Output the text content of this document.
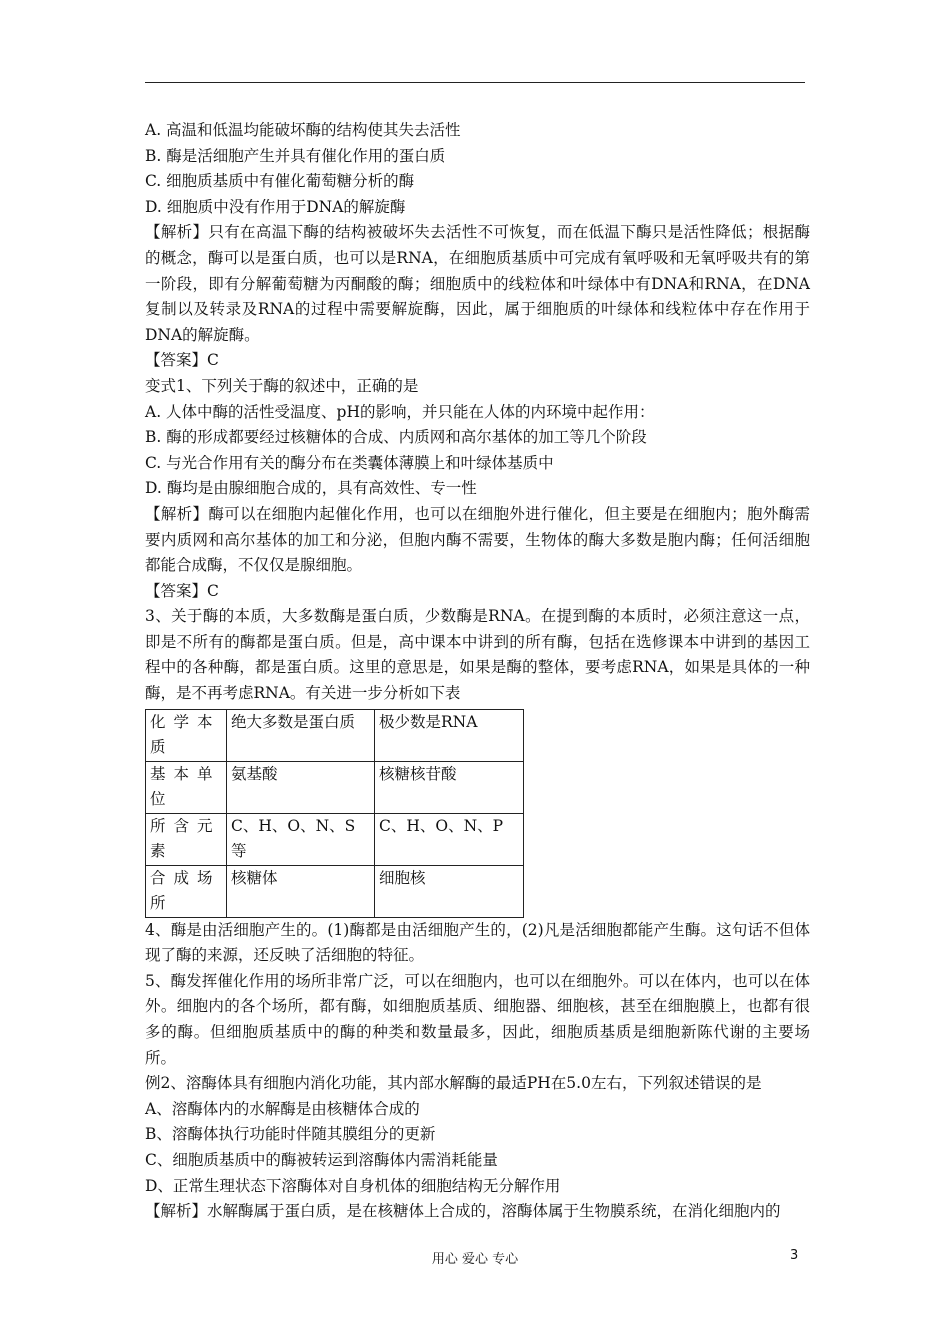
A. 高温和低温均能破坏酶的结构使其失去活性

B. 酶是活细胞产生并具有催化作用的蛋白质

C. 细胞质基质中有催化葡萄糖分析的酶

D. 细胞质中没有作用于DNA的解旋酶

【解析】只有在高温下酶的结构被破坏失去活性不可恢复，而在低温下酶只是活性降低；根据酶的概念，酶可以是蛋白质，也可以是RNA，在细胞质基质中可完成有氧呼吸和无氧呼吸共有的第一阶段，即有分解葡萄糖为丙酮酸的酶；细胞质中的线粒体和叶绿体中有DNA和RNA，在DNA复制以及转录及RNA的过程中需要解旋酶，因此，属于细胞质的叶绿体和线粒体中存在作用于DNA的解旋酶。

【答案】C

变式1、下列关于酶的叙述中，正确的是

A. 人体中酶的活性受温度、pH的影响，并只能在人体的内环境中起作用：

B. 酶的形成都要经过核糖体的合成、内质网和高尔基体的加工等几个阶段

C. 与光合作用有关的酶分布在类囊体薄膜上和叶绿体基质中

D. 酶均是由腺细胞合成的，具有高效性、专一性

【解析】酶可以在细胞内起催化作用，也可以在细胞外进行催化，但主要是在细胞内；胞外酶需要内质网和高尔基体的加工和分泌，但胞内酶不需要，生物体的酶大多数是胞内酶；任何活细胞都能合成酶，不仅仅是腺细胞。

【答案】C

3、关于酶的本质，大多数酶是蛋白质，少数酶是RNA。在提到酶的本质时，必须注意这一点，即是不所有的酶都是蛋白质。但是，高中课本中讲到的所有酶，包括在选修课本中讲到的基因工程中的各种酶，都是蛋白质。这里的意思是，如果是酶的整体，要考虑RNA，如果是具体的一种酶，是不再考虑RNA。有关进一步分析如下表

化学本质	绝大多数是蛋白质	极少数是RNA
基本单位	氨基酸	核糖核苷酸
所含元素	C、H、O、N、S等	C、H、O、N、P
合成场所	核糖体	细胞核

4、酶是由活细胞产生的。(1)酶都是由活细胞产生的，(2)凡是活细胞都能产生酶。这句话不但体现了酶的来源，还反映了活细胞的特征。

5、酶发挥催化作用的场所非常广泛，可以在细胞内，也可以在细胞外。可以在体内，也可以在体外。细胞内的各个场所，都有酶，如细胞质基质、细胞器、细胞核，甚至在细胞膜上，也都有很多的酶。但细胞质基质中的酶的种类和数量最多，因此，细胞质基质是细胞新陈代谢的主要场所。

例2、溶酶体具有细胞内消化功能，其内部水解酶的最适PH在5.0左右，下列叙述错误的是

A、溶酶体内的水解酶是由核糖体合成的

B、溶酶体执行功能时伴随其膜组分的更新

C、细胞质基质中的酶被转运到溶酶体内需消耗能量

D、正常生理状态下溶酶体对自身机体的细胞结构无分解作用

【解析】水解酶属于蛋白质，是在核糖体上合成的，溶酶体属于生物膜系统，在消化细胞内的

用心 爱心 专心	3
